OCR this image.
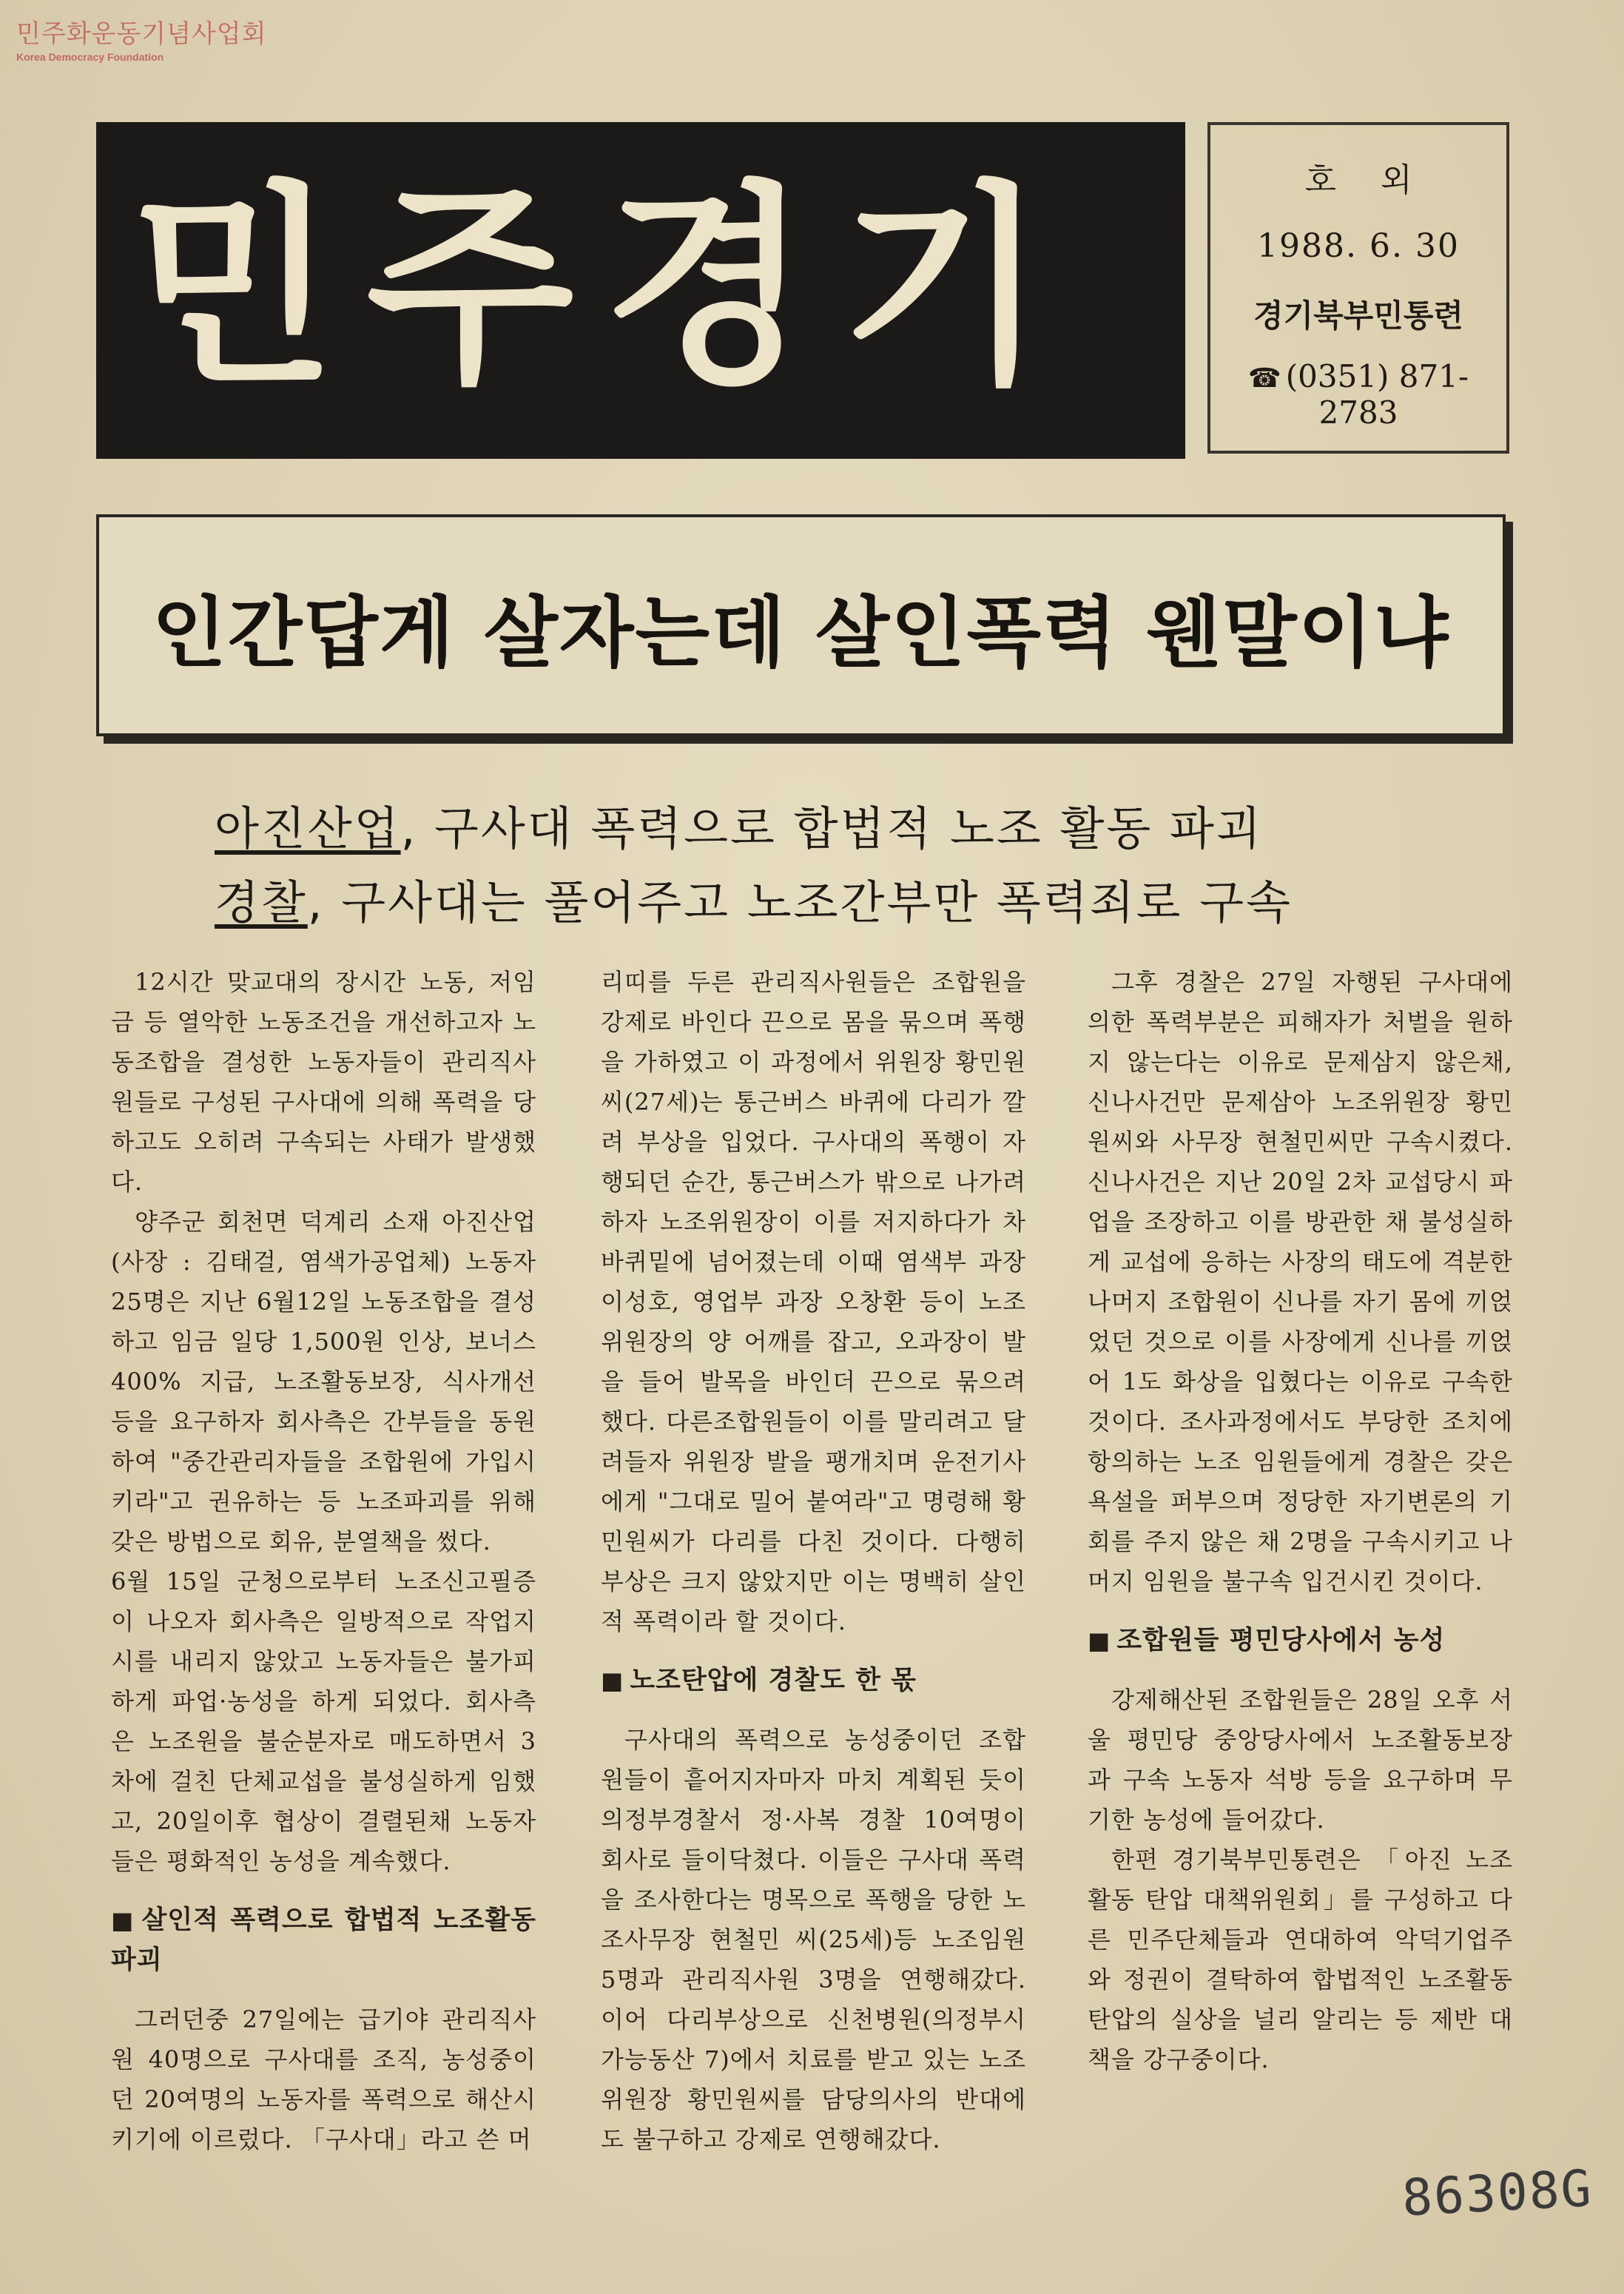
민주화운동기념사업회
Korea Democracy Foundation
민주경기	호외
1988. 6. 30
경기북부민통련
☎ (0351) 871- 2783
인간답게 살자는데 살인폭력 웬말이냐
아진산업, 구사대 폭력으로 합법적 노조 활동 파괴
경찰, 구사대는 풀어주고 노조간부만 폭력죄로 구속

12시간 맞교대의 장시간 노동, 저임금 등 열악한 노동조건을 개선하고자 노동조합을 결성한 노동자들이 관리직사원들로 구성된 구사대에 의해 폭력을 당하고도 오히려 구속되는 사태가 발생했다.

양주군 회천면 덕계리 소재 아진산업(사장 : 김태걸, 염색가공업체) 노동자 25명은 지난 6월12일 노동조합을 결성하고 임금 일당 1,500원 인상, 보너스 400% 지급, 노조활동보장, 식사개선 등을 요구하자 회사측은 간부들을 동원하여 "중간관리자들을 조합원에 가입시키라"고 권유하는 등 노조파괴를 위해 갖은 방법으로 회유, 분열책을 썼다.

6월 15일 군청으로부터 노조신고필증이 나오자 회사측은 일방적으로 작업지시를 내리지 않았고 노동자들은 불가피하게 파업·농성을 하게 되었다. 회사측은 노조원을 불순분자로 매도하면서 3차에 걸친 단체교섭을 불성실하게 임했고, 20일이후 협상이 결렬된채 노동자들은 평화적인 농성을 계속했다.

■ 살인적 폭력으로 합법적 노조활동 파괴

그러던중 27일에는 급기야 관리직사원 40명으로 구사대를 조직, 농성중이던 20여명의 노동자를 폭력으로 해산시키기에 이르렀다. 「구사대」라고 쓴 머

리띠를 두른 관리직사원들은 조합원을 강제로 바인다 끈으로 몸을 묶으며 폭행을 가하였고 이 과정에서 위원장 황민원씨(27세)는 통근버스 바퀴에 다리가 깔려 부상을 입었다. 구사대의 폭행이 자행되던 순간, 통근버스가 밖으로 나가려 하자 노조위원장이 이를 저지하다가 차 바퀴밑에 넘어졌는데 이때 염색부 과장 이성호, 영업부 과장 오창환 등이 노조위원장의 양 어깨를 잡고, 오과장이 발을 들어 발목을 바인더 끈으로 묶으려 했다. 다른조합원들이 이를 말리려고 달려들자 위원장 발을 팽개치며 운전기사에게 "그대로 밀어 붙여라"고 명령해 황민원씨가 다리를 다친 것이다. 다행히 부상은 크지 않았지만 이는 명백히 살인적 폭력이라 할 것이다.

■ 노조탄압에 경찰도 한 몫

구사대의 폭력으로 농성중이던 조합원들이 흩어지자마자 마치 계획된 듯이 의정부경찰서 정·사복 경찰 10여명이 회사로 들이닥쳤다. 이들은 구사대 폭력을 조사한다는 명목으로 폭행을 당한 노조사무장 현철민 씨(25세)등 노조임원 5명과 관리직사원 3명을 연행해갔다. 이어 다리부상으로 신천병원(의정부시 가능동산 7)에서 치료를 받고 있는 노조위원장 황민원씨를 담당의사의 반대에도 불구하고 강제로 연행해갔다.

그후 경찰은 27일 자행된 구사대에 의한 폭력부분은 피해자가 처벌을 원하지 않는다는 이유로 문제삼지 않은채, 신나사건만 문제삼아 노조위원장 황민원씨와 사무장 현철민씨만 구속시켰다. 신나사건은 지난 20일 2차 교섭당시 파업을 조장하고 이를 방관한 채 불성실하게 교섭에 응하는 사장의 태도에 격분한 나머지 조합원이 신나를 자기 몸에 끼얹었던 것으로 이를 사장에게 신나를 끼얹어 1도 화상을 입혔다는 이유로 구속한 것이다. 조사과정에서도 부당한 조치에 항의하는 노조 임원들에게 경찰은 갖은 욕설을 퍼부으며 정당한 자기변론의 기회를 주지 않은 채 2명을 구속시키고 나머지 임원을 불구속 입건시킨 것이다.

■ 조합원들 평민당사에서 농성

강제해산된 조합원들은 28일 오후 서울 평민당 중앙당사에서 노조활동보장과 구속 노동자 석방 등을 요구하며 무기한 농성에 들어갔다.

한편 경기북부민통련은 「아진 노조활동 탄압 대책위원회」를 구성하고 다른 민주단체들과 연대하여 악덕기업주와 정권이 결탁하여 합법적인 노조활동탄압의 실상을 널리 알리는 등 제반 대책을 강구중이다.

86308G
